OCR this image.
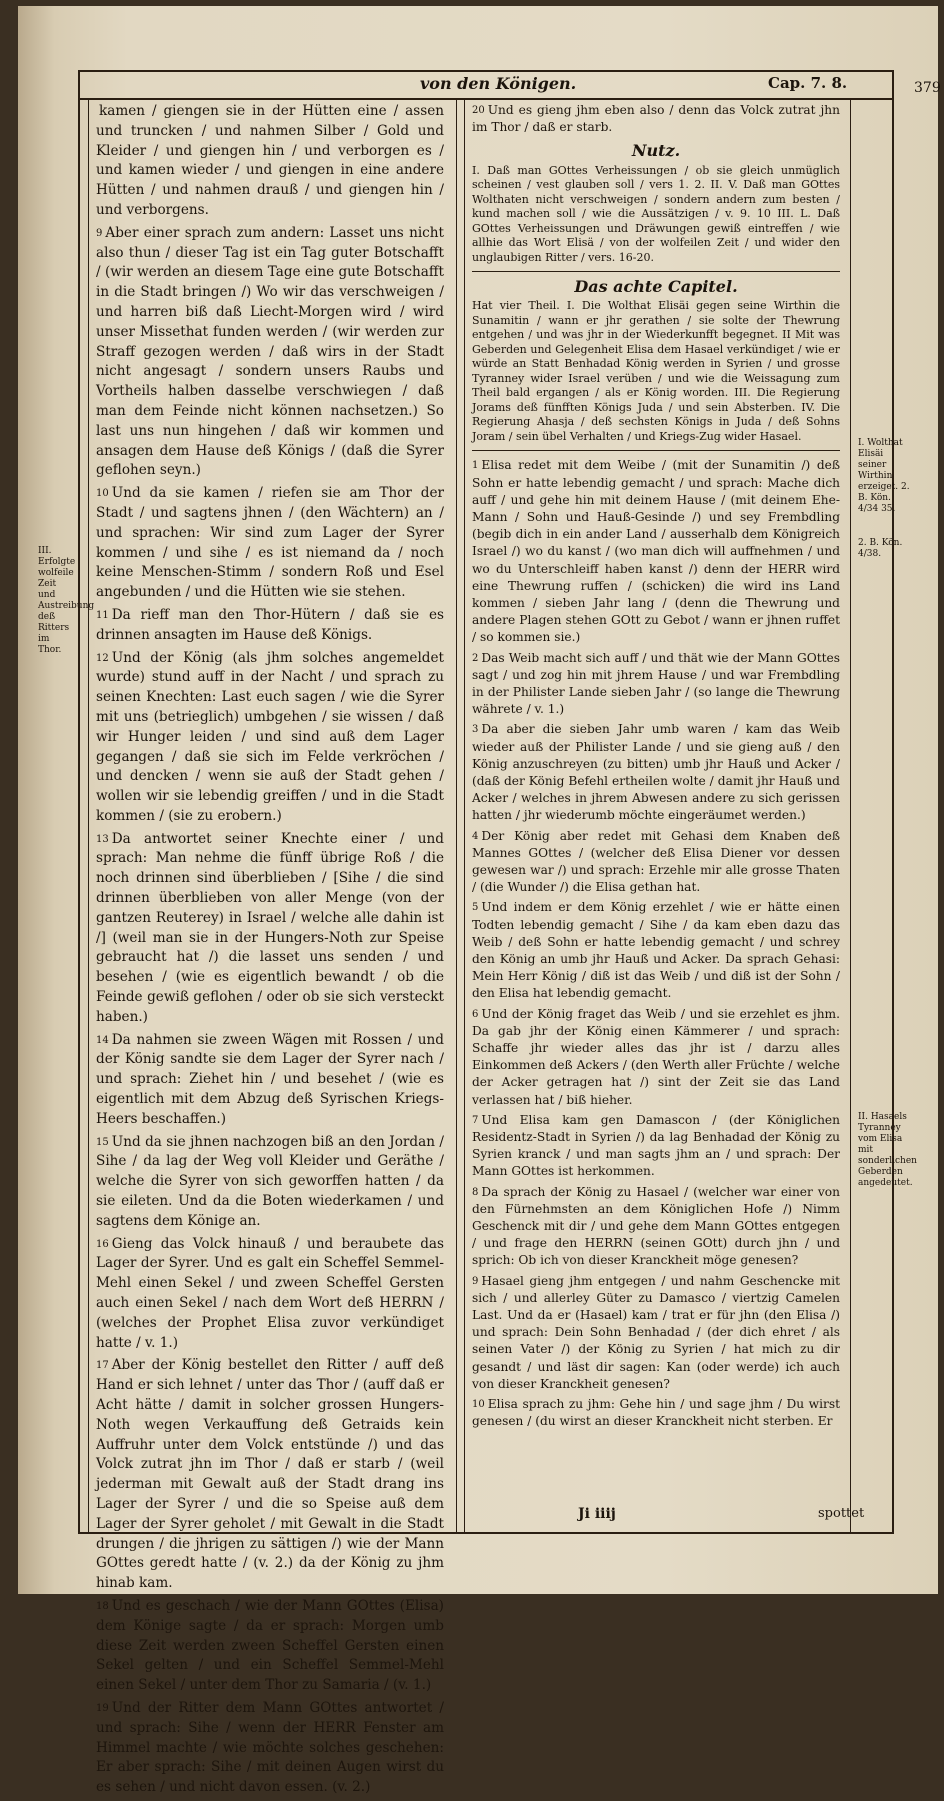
von den Königen.	Cap. 7. 8.	379

kamen / giengen sie in der Hütten eine / assen und truncken / und nahmen Silber / Gold und Kleider / und giengen hin / und verborgen es / und kamen wieder / und giengen in eine andere Hütten / und nahmen drauß / und giengen hin / und verborgens.

$^9$ Aber einer sprach zum andern: Lasset uns nicht also thun / dieser Tag ist ein Tag guter Botschafft / (wir werden an diesem Tage eine gute Botschafft in die Stadt bringen /) Wo wir das verschweigen / und harren biß daß Liecht-Morgen wird / wird unser Missethat funden werden / (wir werden zur Straff gezogen werden / daß wirs in der Stadt nicht angesagt / sondern unsers Raubs und Vortheils halben dasselbe verschwiegen / daß man dem Feinde nicht können nachsetzen.) So last uns nun hingehen / daß wir kommen und ansagen dem Hause deß Königs / (daß die Syrer geflohen seyn.)

$^{10}$ Und da sie kamen / riefen sie am Thor der Stadt / und sagtens jhnen / (den Wächtern) an / und sprachen: Wir sind zum Lager der Syrer kommen / und sihe / es ist niemand da / noch keine Menschen-Stimm / sondern Roß und Esel angebunden / und die Hütten wie sie stehen.

$^{11}$ Da rieff man den Thor-Hütern / daß sie es drinnen ansagten im Hause deß Königs.

$^{12}$ Und der König (als jhm solches angemeldet wurde) stund auff in der Nacht / und sprach zu seinen Knechten: Last euch sagen / wie die Syrer mit uns (betrieglich) umbgehen / sie wissen / daß wir Hunger leiden / und sind auß dem Lager gegangen / daß sie sich im Felde verkröchen / und dencken / wenn sie auß der Stadt gehen / wollen wir sie lebendig greiffen / und in die Stadt kommen / (sie zu erobern.)

$^{13}$ Da antwortet seiner Knechte einer / und sprach: Man nehme die fünff übrige Roß / die noch drinnen sind überblieben / [Sihe / die sind drinnen überblieben von aller Menge (von der gantzen Reuterey) in Israel / welche alle dahin ist /] (weil man sie in der Hungers-Noth zur Speise gebraucht hat /) die lasset uns senden / und besehen / (wie es eigentlich bewandt / ob die Feinde gewiß geflohen / oder ob sie sich versteckt haben.)

$^{14}$ Da nahmen sie zween Wägen mit Rossen / und der König sandte sie dem Lager der Syrer nach / und sprach: Ziehet hin / und besehet / (wie es eigentlich mit dem Abzug deß Syrischen Kriegs-Heers beschaffen.)

$^{15}$ Und da sie jhnen nachzogen biß an den Jordan / Sihe / da lag der Weg voll Kleider und Geräthe / welche die Syrer von sich geworffen hatten / da sie eileten. Und da die Boten wiederkamen / und sagtens dem Könige an.

$^{16}$ Gieng das Volck hinauß / und beraubete das Lager der Syrer. Und es galt ein Scheffel Semmel-Mehl einen Sekel / und zween Scheffel Gersten auch einen Sekel / nach dem Wort deß HERRN / (welches der Prophet Elisa zuvor verkündiget hatte / v. 1.)

$^{17}$ Aber der König bestellet den Ritter / auff deß Hand er sich lehnet / unter das Thor / (auff daß er Acht hätte / damit in solcher grossen Hungers-Noth wegen Verkauffung deß Getraids kein Auffruhr unter dem Volck entstünde /) und das Volck zutrat jhn im Thor / daß er starb / (weil jederman mit Gewalt auß der Stadt drang ins Lager der Syrer / und die so Speise auß dem Lager der Syrer geholet / mit Gewalt in die Stadt drungen / die jhrigen zu sättigen /) wie der Mann GOttes geredt hatte / (v. 2.) da der König zu jhm hinab kam.

$^{18}$ Und es geschach / wie der Mann GOttes (Elisa) dem Könige sagte / da er sprach: Morgen umb diese Zeit werden zween Scheffel Gersten einen Sekel gelten / und ein Scheffel Semmel-Mehl einen Sekel / unter dem Thor zu Samaria / (v. 1.)

$^{19}$ Und der Ritter dem Mann GOttes antwortet / und sprach: Sihe / wenn der HERR Fenster am Himmel machte / wie möchte solches geschehen: Er aber sprach: Sihe / mit deinen Augen wirst du es sehen / und nicht davon essen. (v. 2.)

$^{20}$ Und es gieng jhm eben also / denn das Volck zutrat jhn im Thor / daß er starb.

Nutz.

I. Daß man GOttes Verheissungen / ob sie gleich unmüglich scheinen / vest glauben soll / vers 1. 2. II. V. Daß man GOttes Wolthaten nicht verschweigen / sondern andern zum besten / kund machen soll / wie die Aussätzigen / v. 9. 10 III. L. Daß GOttes Verheissungen und Dräwungen gewiß eintreffen / wie allhie das Wort Elisä / von der wolfeilen Zeit / und wider den unglaubigen Ritter / vers. 16-20.

Das achte Capitel.

Hat vier Theil. I. Die Wolthat Elisäi gegen seine Wirthin die Sunamitin / wann er jhr gerathen / sie solte der Thewrung entgehen / und was jhr in der Wiederkunfft begegnet. II Mit was Geberden und Gelegenheit Elisa dem Hasael verkündiget / wie er würde an Statt Benhadad König werden in Syrien / und grosse Tyranney wider Israel verüben / und wie die Weissagung zum Theil bald ergangen / als er König worden. III. Die Regierung Jorams deß fünfften Königs Juda / und sein Absterben. IV. Die Regierung Ahasja / deß sechsten Königs in Juda / deß Sohns Joram / sein übel Verhalten / und Kriegs-Zug wider Hasael.

$^1$ Elisa redet mit dem Weibe / (mit der Sunamitin /) deß Sohn er hatte lebendig gemacht / und sprach: Mache dich auff / und gehe hin mit deinem Hause / (mit deinem Ehe-Mann / Sohn und Hauß-Gesinde /) und sey Frembdling (begib dich in ein ander Land / ausserhalb dem Königreich Israel /) wo du kanst / (wo man dich will auffnehmen / und wo du Unterschleiff haben kanst /) denn der HERR wird eine Thewrung ruffen / (schicken) die wird ins Land kommen / sieben Jahr lang / (denn die Thewrung und andere Plagen stehen GOtt zu Gebot / wann er jhnen ruffet / so kommen sie.)

$^2$ Das Weib macht sich auff / und thät wie der Mann GOttes sagt / und zog hin mit jhrem Hause / und war Frembdling in der Philister Lande sieben Jahr / (so lange die Thewrung währete / v. 1.)

$^3$ Da aber die sieben Jahr umb waren / kam das Weib wieder auß der Philister Lande / und sie gieng auß / den König anzuschreyen (zu bitten) umb jhr Hauß und Acker / (daß der König Befehl ertheilen wolte / damit jhr Hauß und Acker / welches in jhrem Abwesen andere zu sich gerissen hatten / jhr wiederumb möchte eingeräumet werden.)

$^4$ Der König aber redet mit Gehasi dem Knaben deß Mannes GOttes / (welcher deß Elisa Diener vor dessen gewesen war /) und sprach: Erzehle mir alle grosse Thaten / (die Wunder /) die Elisa gethan hat.

$^5$ Und indem er dem König erzehlet / wie er hätte einen Todten lebendig gemacht / Sihe / da kam eben dazu das Weib / deß Sohn er hatte lebendig gemacht / und schrey den König an umb jhr Hauß und Acker. Da sprach Gehasi: Mein Herr König / diß ist das Weib / und diß ist der Sohn / den Elisa hat lebendig gemacht.

$^6$ Und der König fraget das Weib / und sie erzehlet es jhm. Da gab jhr der König einen Kämmerer / und sprach: Schaffe jhr wieder alles das jhr ist / darzu alles Einkommen deß Ackers / (den Werth aller Früchte / welche der Acker getragen hat /) sint der Zeit sie das Land verlassen hat / biß hieher.

$^7$ Und Elisa kam gen Damascon / (der Königlichen Residentz-Stadt in Syrien /) da lag Benhadad der König zu Syrien kranck / und man sagts jhm an / und sprach: Der Mann GOttes ist herkommen.

$^8$ Da sprach der König zu Hasael / (welcher war einer von den Fürnehmsten an dem Königlichen Hofe /) Nimm Geschenck mit dir / und gehe dem Mann GOttes entgegen / und frage den HERRN (seinen GOtt) durch jhn / und sprich: Ob ich von dieser Kranckheit möge genesen?

$^9$ Hasael gieng jhm entgegen / und nahm Geschencke mit sich / und allerley Güter zu Damasco / viertzig Camelen Last. Und da er (Hasael) kam / trat er für jhn (den Elisa /) und sprach: Dein Sohn Benhadad / (der dich ehret / als seinen Vater /) der König zu Syrien / hat mich zu dir gesandt / und läst dir sagen: Kan (oder werde) ich auch von dieser Kranckheit genesen?

$^{10}$ Elisa sprach zu jhm: Gehe hin / und sage jhm / Du wirst genesen / (du wirst an dieser Kranckheit nicht sterben. Er

I. Wolthat Elisäi seiner Wirthin erzeiget. 2. B. Kön. 4/34 35.
2. B. Kön. 4/38.
II. Hasaels Tyranney vom Elisa mit sonderlichen Geberden angedeutet.
III. Erfolgte wolfeile Zeit und Austreibung deß Ritters im Thor.
Ji iiij	spottet
